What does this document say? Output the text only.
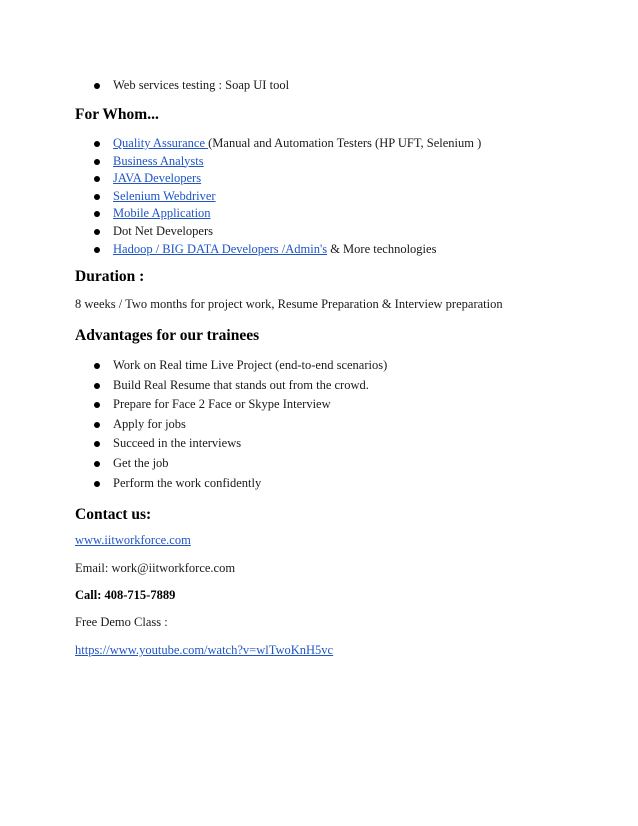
Web services testing : Soap UI tool
For Whom...
Quality Assurance (Manual and Automation Testers (HP UFT, Selenium )
Business Analysts
JAVA Developers
Selenium Webdriver
Mobile Application
Dot Net Developers
Hadoop / BIG DATA Developers /Admin's & More technologies
Duration :
8 weeks / Two months for project work, Resume Preparation & Interview preparation
Advantages for our trainees
Work on Real time Live Project (end-to-end scenarios)
Build Real Resume that stands out from the crowd.
Prepare for Face 2 Face or Skype Interview
Apply for jobs
Succeed in the interviews
Get the job
Perform the work confidently
Contact us:
www.iitworkforce.com
Email: work@iitworkforce.com
Call: 408-715-7889
Free Demo Class :
https://www.youtube.com/watch?v=wlTwoKnH5vc
